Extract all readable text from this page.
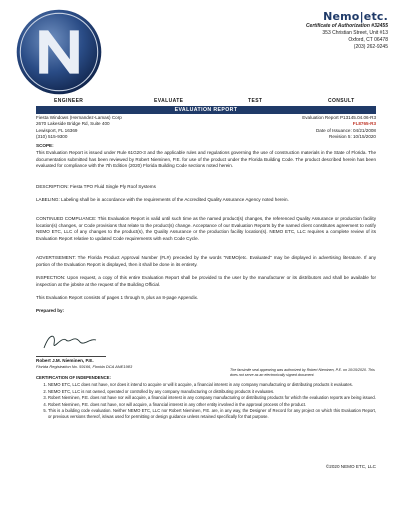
Nemo|etc.
Certificate of Authorization #32455
353 Christian Street, Unit #13
Oxford, CT 06478
(203) 262-9245
ENGINEER	EVALUATE	TEST	CONSULT
EVALUATION REPORT
Fiesta Windows (Hernandez-Lamas) Corp
2670 Lakeside Bridge Rd, Suite 400
Lewisport, FL 16369
(310) 515-9300
Evaluation Report P13145.04.06-R3
FL8765-R3
Date of Issuance: 04/21/2008
Revision 5: 10/15/2020
SCOPE:
This Evaluation Report is issued under Rule 61G20-3 and the applicable rules and regulations governing the use of construction materials in the State of Florida. The documentation submitted has been reviewed by Robert Nieminen, P.E. for use of the product under the Florida Building Code. The product described herein has been evaluated for compliance with the 7th Edition (2020) Florida Building Code sections noted herein.
DESCRIPTION: Fiesta TPO Fluid Single Ply Roof Systems
LABELING: Labeling shall be in accordance with the requirements of the Accredited Quality Assurance Agency noted herein.
CONTINUED COMPLIANCE: This Evaluation Report is valid until such time as the named product(s) changes, the referenced Quality Assurance or production facility location(s) changes, or Code provisions that relate to the product(s) change. Acceptance of our Evaluation Reports by the named client constitutes agreement to notify NEMO ETC, LLC of any changes to the product(s), the Quality Assurance or the production facility location(s). NEMO ETC, LLC requires a complete review of its Evaluation Report relative to updated Code requirements with each Code Cycle.
ADVERTISEMENT: The Florida Product Approval Number (FL#) preceded by the words "NEMO|etc. Evaluated" may be displayed in advertising literature. If any portion of the Evaluation Report is displayed, then it shall be done in its entirety.
INSPECTION: Upon request, a copy of this entire Evaluation Report shall be provided to the user by the manufacturer or its distributors and shall be available for inspection at the jobsite at the request of the Building Official.
This Evaluation Report consists of pages 1 through 9, plus an 8-page Appendix.
Prepared by:
Robert J.M. Nieminen, P.E.
Florida Registration No. 59166, Florida DCA ANE1983
The facsimile seal appearing was authorized by Robert Nieminen, P.E. on 10/15/2020. This does not serve as an electronically signed document.
CERTIFICATION OF INDEPENDENCE:
1. NEMO ETC, LLC does not have, nor does it intend to acquire or will it acquire, a financial interest in any company manufacturing or distributing products it evaluates.
2. NEMO ETC, LLC is not owned, operated or controlled by any company manufacturing or distributing products it evaluates.
3. Robert Nieminen, P.E. does not have nor will acquire, a financial interest in any company manufacturing or distributing products for which the evaluation reports are being issued.
4. Robert Nieminen, P.E. does not have, nor will acquire, a financial interest in any other entity involved in the approval process of the product.
5. This is a building code evaluation. Neither NEMO ETC, LLC nor Robert Nieminen, P.E. are, in any way, the Designer of Record for any project on which this Evaluation Report, or previous versions thereof, is/was used for permitting or design guidance unless retained specifically for that purpose.
©2020 NEMO ETC, LLC
